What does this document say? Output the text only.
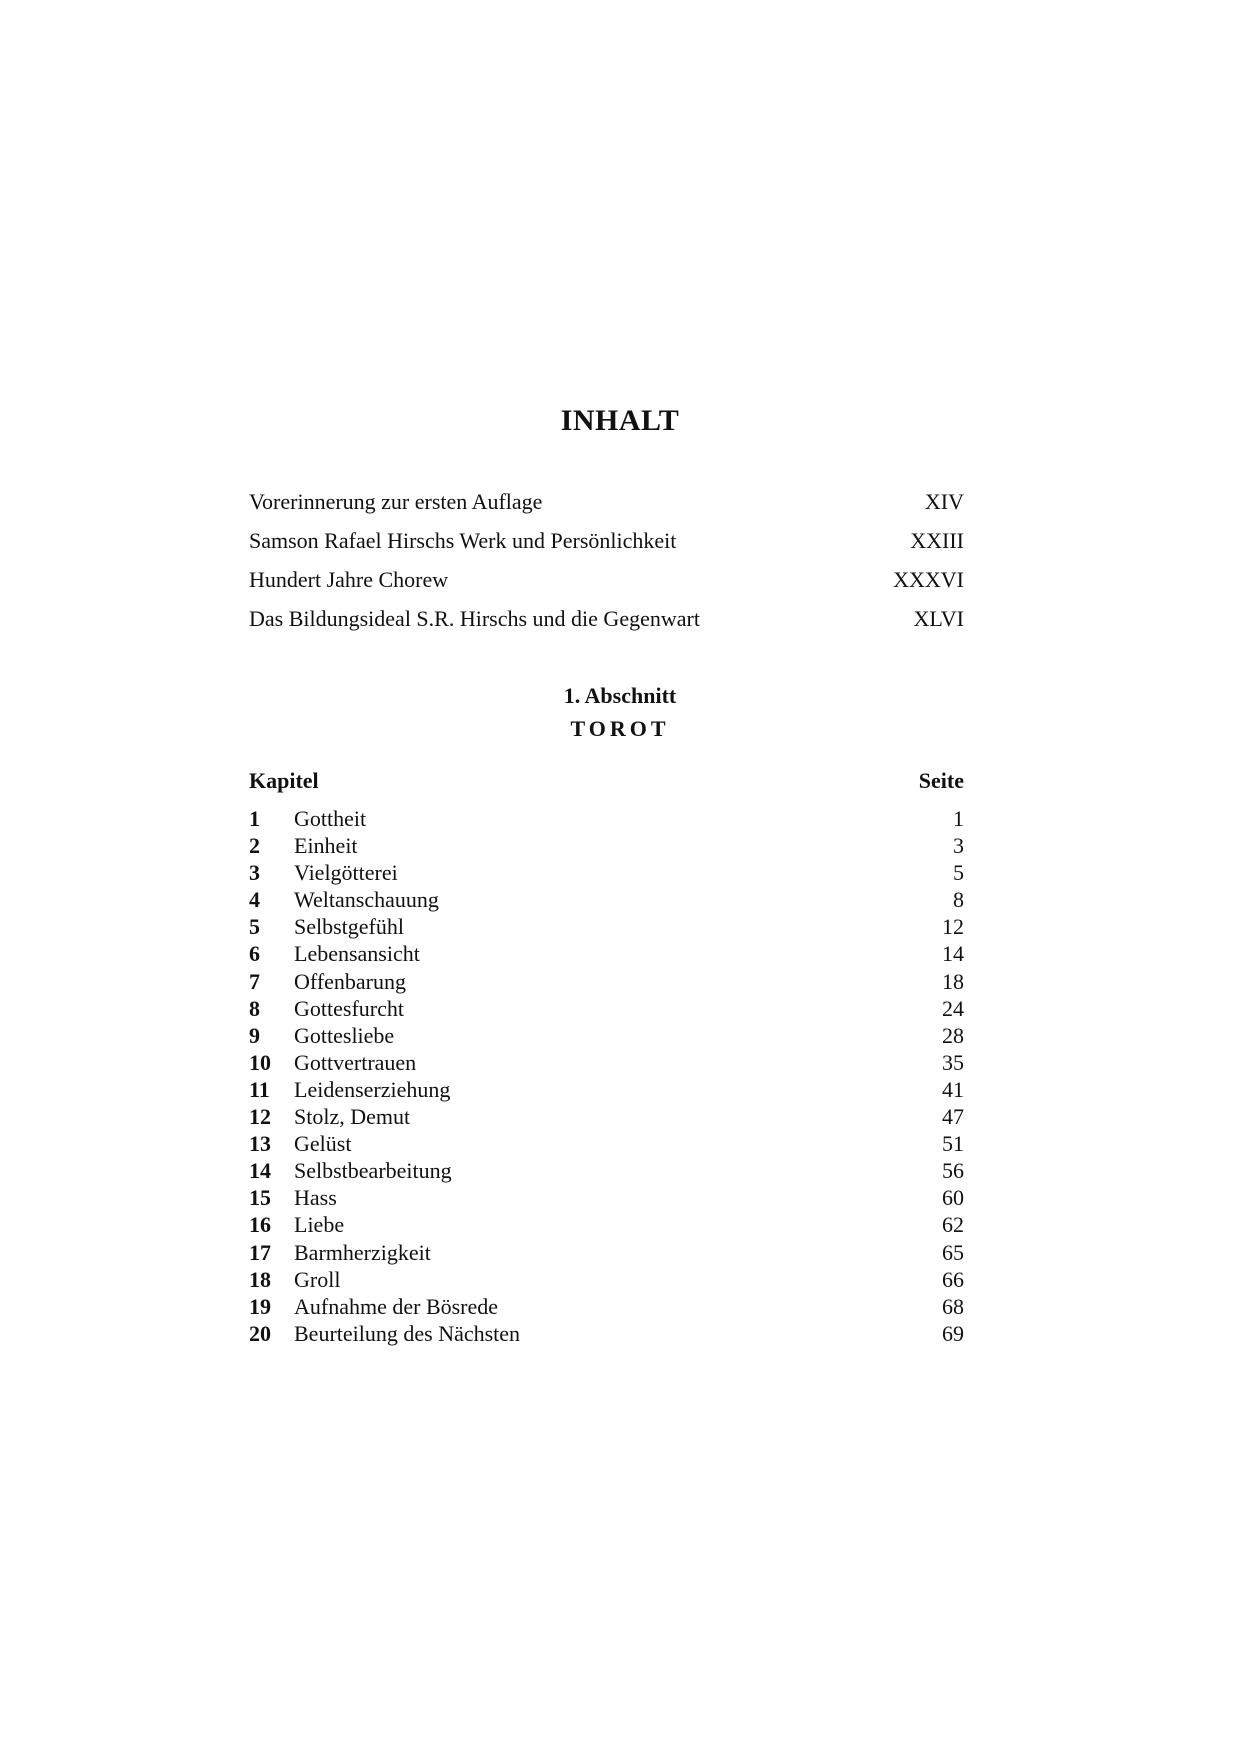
INHALT
Vorerinnerung zur ersten Auflage	XIV
Samson Rafael Hirschs Werk und Persönlichkeit	XXIII
Hundert Jahre Chorew	XXXVI
Das Bildungsideal S.R. Hirschs und die Gegenwart	XLVI
1. Abschnitt
TOROT
Kapitel	Seite
1	Gottheit	1
2	Einheit	3
3	Vielgötterei	5
4	Weltanschauung	8
5	Selbstgefühl	12
6	Lebensansicht	14
7	Offenbarung	18
8	Gottesfurcht	24
9	Gottesliebe	28
10	Gottvertrauen	35
11	Leidenserziehung	41
12	Stolz, Demut	47
13	Gelüst	51
14	Selbstbearbeitung	56
15	Hass	60
16	Liebe	62
17	Barmherzigkeit	65
18	Groll	66
19	Aufnahme der Bösrede	68
20	Beurteilung des Nächsten	69
